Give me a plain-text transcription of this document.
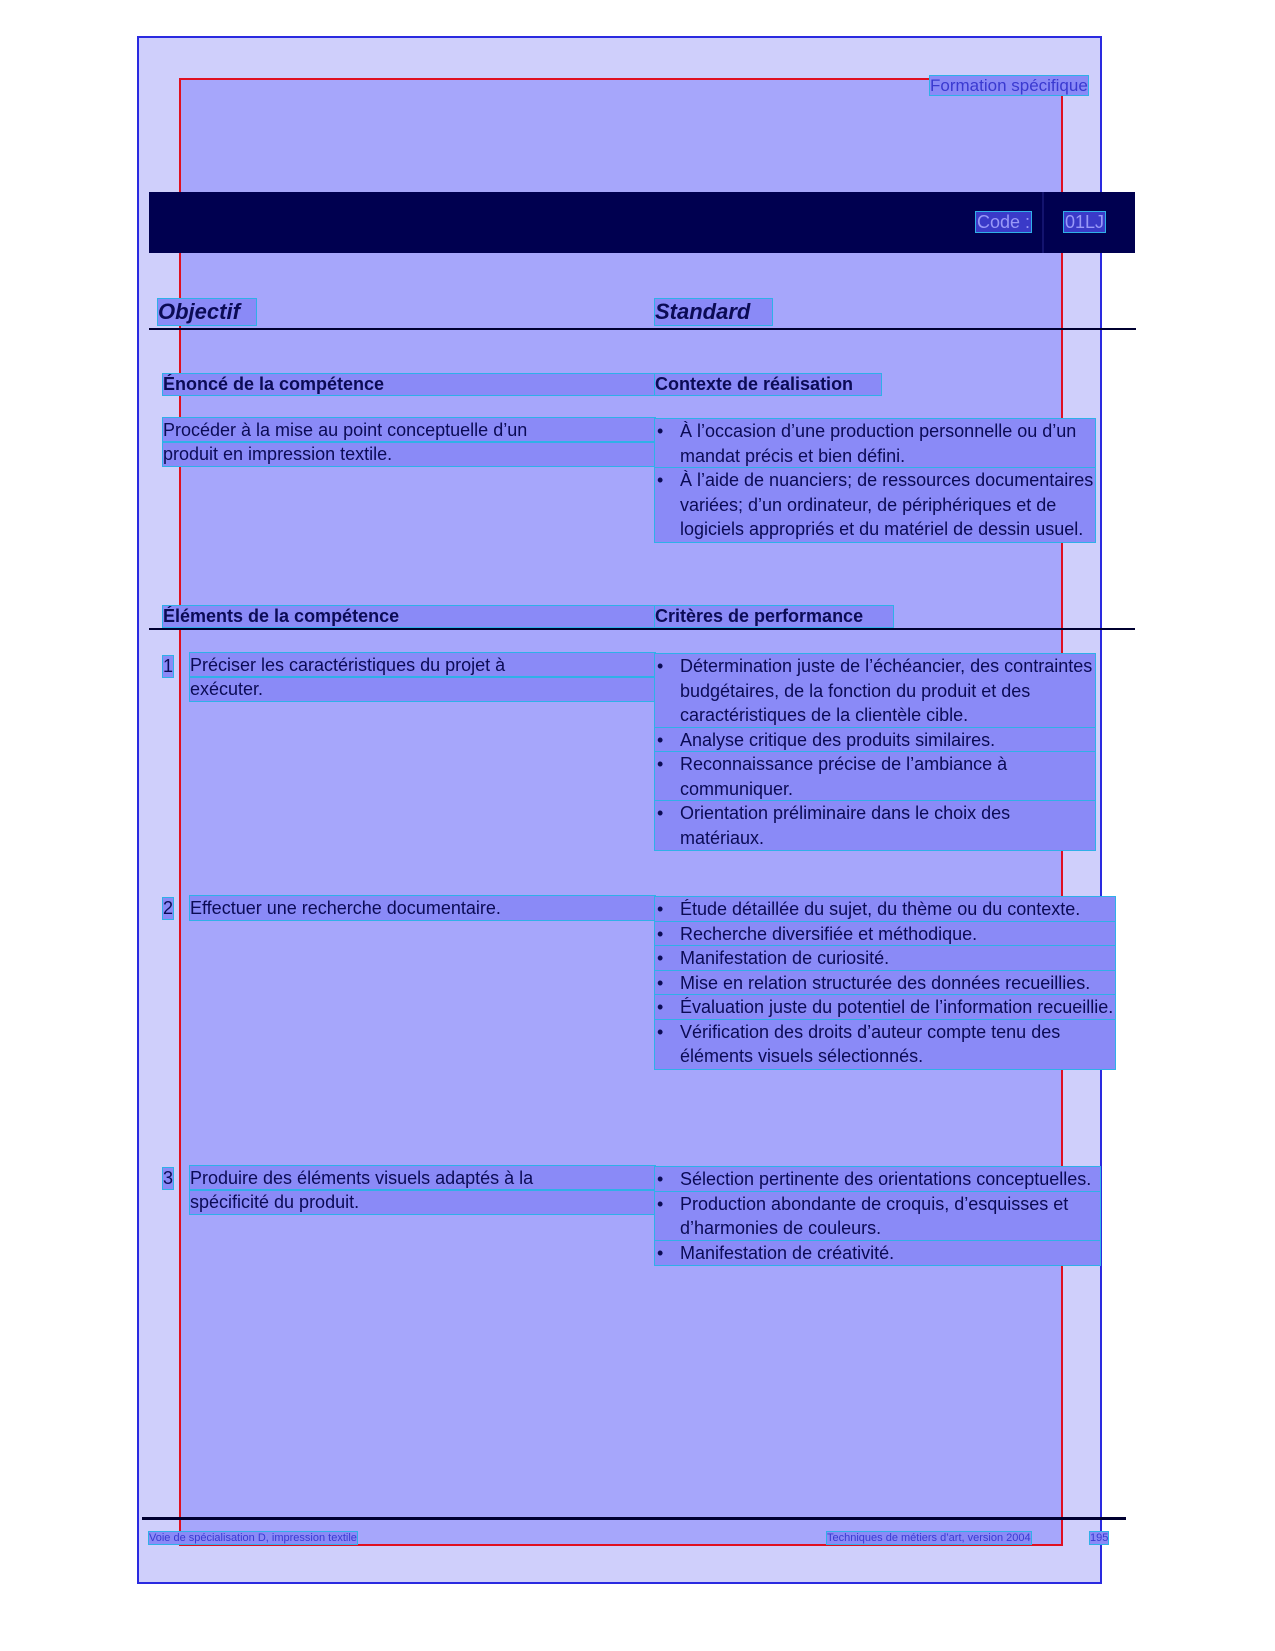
Formation spécifique
Code : 01LJ
Objectif	Standard
Énoncé de la compétence	Contexte de réalisation
Procéder à la mise au point conceptuelle d’un
produit en impression textile.
• À l’occasion d’une production personnelle ou d’un mandat précis et bien défini.
• À l’aide de nuanciers; de ressources documentaires variées; d’un ordinateur, de périphériques et de logiciels appropriés et du matériel de dessin usuel.
Éléments de la compétence	Critères de performance
1 Préciser les caractéristiques du projet à
exécuter.
• Détermination juste de l’échéancier, des contraintes budgétaires, de la fonction du produit et des caractéristiques de la clientèle cible.
• Analyse critique des produits similaires.
• Reconnaissance précise de l’ambiance à communiquer.
• Orientation préliminaire dans le choix des matériaux.
2 Effectuer une recherche documentaire.
•	Étude détaillée du sujet, du thème ou du contexte.
• Recherche diversifiée et méthodique.
• Manifestation de curiosité.
• Mise en relation structurée des données recueillies.
• Évaluation juste du potentiel de l’information recueillie.
• Vérification des droits d’auteur compte tenu des éléments visuels sélectionnés.
3 Produire des éléments visuels adaptés à la
spécificité du produit.
• Sélection pertinente des orientations conceptuelles.
• Production abondante de croquis, d’esquisses et d’harmonies de couleurs.
• Manifestation de créativité.
Voie de spécialisation D, impression textile	Techniques de métiers d’art, version 2004	195
